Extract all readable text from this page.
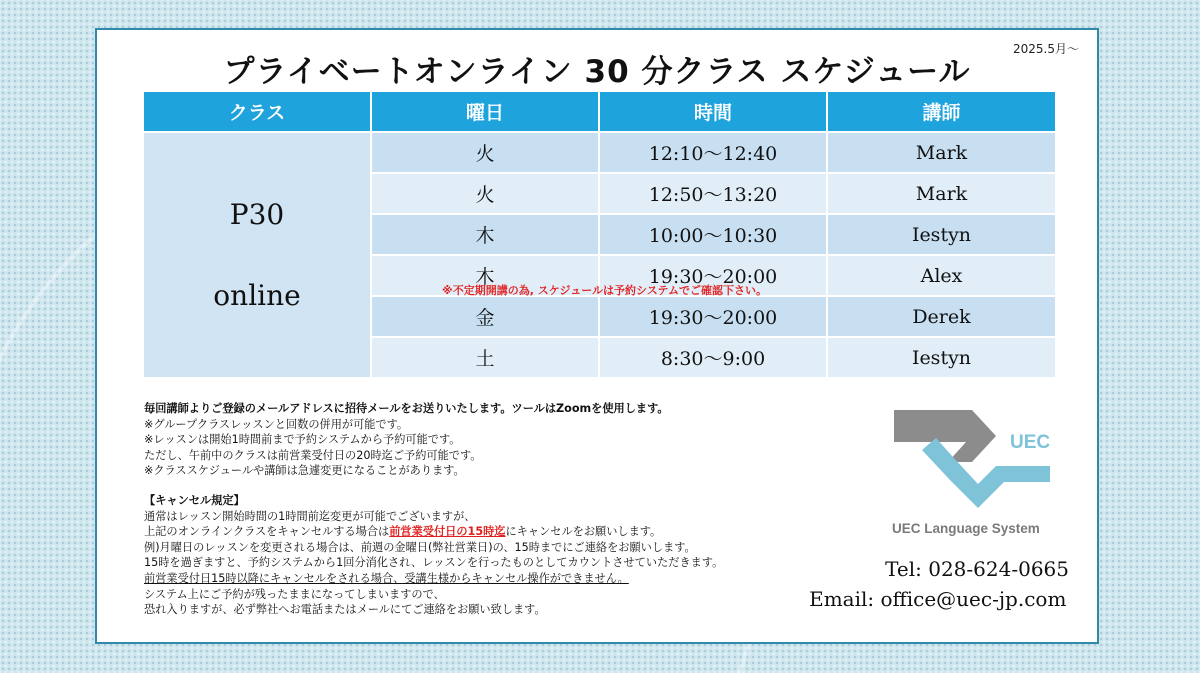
2025.5月～
プライベートオンライン 30 分クラス スケジュール
クラス	曜日	時間	講師

P30
online	火	12:10～12:40	Mark
	火	12:50～13:20	Mark
	木	10:00～10:30	Iestyn
	木	19:30～20:00	Alex
	金	19:30～20:00	Derek
	土	8:30～9:00	Iestyn
※不定期開講の為, スケジュールは予約システムでご確認下さい。
毎回講師よりご登録のメールアドレスに招待メールをお送りいたします。ツールはZoomを使用します。
※グループクラスレッスンと回数の併用が可能です。
※レッスンは開始1時間前まで予約システムから予約可能です。
ただし、午前中のクラスは前営業受付日の20時迄ご予約可能です。
※クラススケジュールや講師は急遽変更になることがあります。
【キャンセル規定】
通常はレッスン開始時間の1時間前迄変更が可能でございますが、
上記のオンラインクラスをキャンセルする場合は前営業受付日の15時迄にキャンセルをお願いします。
例)月曜日のレッスンを変更される場合は、前週の金曜日(弊社営業日)の、15時までにご連絡をお願いします。
15時を過ぎますと、予約システムから1回分消化され、レッスンを行ったものとしてカウントさせていただきます。
前営業受付日15時以降にキャンセルをされる場合、受講生様からキャンセル操作ができません。
システム上にご予約が残ったままになってしまいますので、
恐れ入りますが、必ず弊社へお電話またはメールにてご連絡をお願い致します。
UEC
UEC Language System
Tel: 028-624-0665
Email: office@uec-jp.com
